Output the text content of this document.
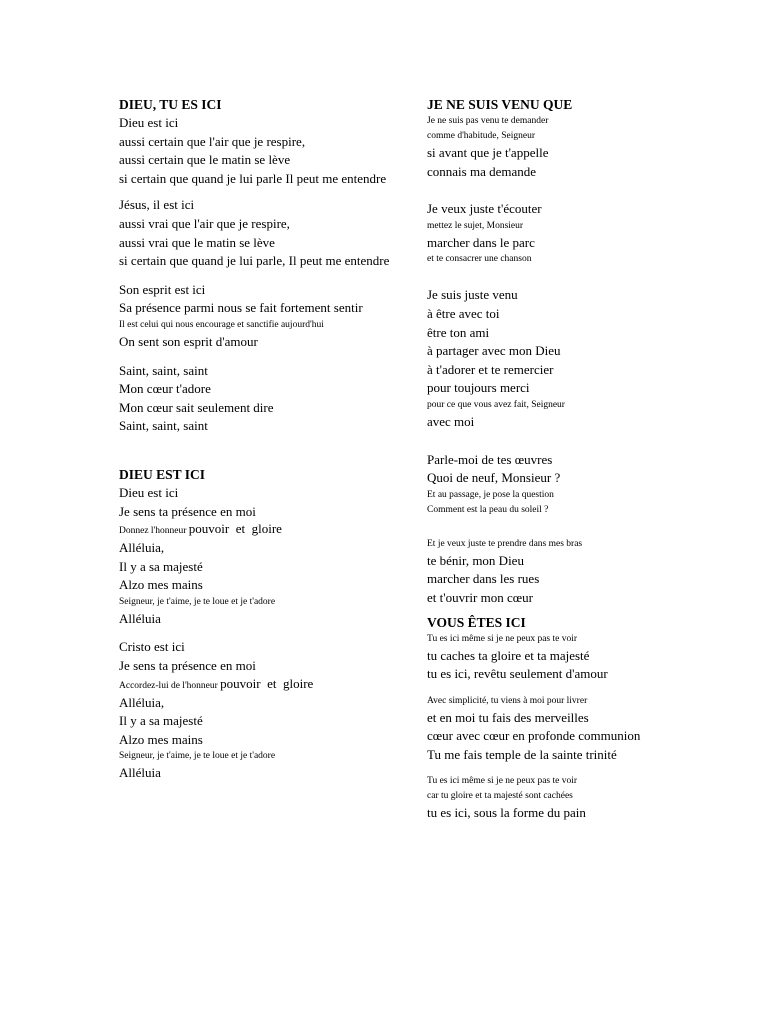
DIEU, TU ES ICI
Dieu est ici
aussi certain que l'air que je respire,
aussi certain que le matin se lève
si certain que quand je lui parle Il peut me entendre
Jésus, il est ici
aussi vrai que l'air que je respire,
aussi vrai que le matin se lève
si certain que quand je lui parle, Il peut me entendre
Son esprit est ici
Sa présence parmi nous se fait fortement sentir
Il est celui qui nous encourage et sanctifie aujourd'hui
On sent son esprit d'amour
Saint, saint, saint
Mon cœur t'adore
Mon cœur sait seulement dire
Saint, saint, saint
DIEU EST ICI
Dieu est ici
Je sens ta présence en moi
Donnez l'honneur pouvoir  et  gloire
Alléluia,
Il y a sa majesté
Alzo mes mains
Seigneur, je t'aime, je te loue et je t'adore
Alléluia
Cristo est ici
Je sens ta présence en moi
Accordez-lui de l'honneur pouvoir  et  gloire
Alléluia,
Il y a sa majesté
Alzo mes mains
Seigneur, je t'aime, je te loue et je t'adore
Alléluia
JE NE SUIS VENU QUE
Je ne suis pas venu te demander
comme d'habitude, Seigneur
si avant que je t'appelle
connais ma demande
Je veux juste t'écouter
mettez le sujet, Monsieur
marcher dans le parc
et te consacrer une chanson
Je suis juste venu
à être avec toi
être ton ami
à partager avec mon Dieu
à t'adorer et te remercier
pour toujours merci
pour ce que vous avez fait, Seigneur
avec moi
Parle-moi de tes œuvres
Quoi de neuf, Monsieur ?
Et au passage, je pose la question
Comment est la peau du soleil ?
Et je veux juste te prendre dans mes bras
te bénir, mon Dieu
marcher dans les rues
et t'ouvrir mon cœur
VOUS ÊTES ICI
Tu es ici même si je ne peux pas te voir
tu caches ta gloire et ta majesté
tu es ici, revêtu seulement d'amour
Avec simplicité, tu viens à moi pour livrer
et en moi tu fais des merveilles
cœur avec cœur en profonde communion
Tu me fais temple de la sainte trinité
Tu es ici même si je ne peux pas te voir
car tu gloire et ta majesté sont cachées
tu es ici, sous la forme du pain
